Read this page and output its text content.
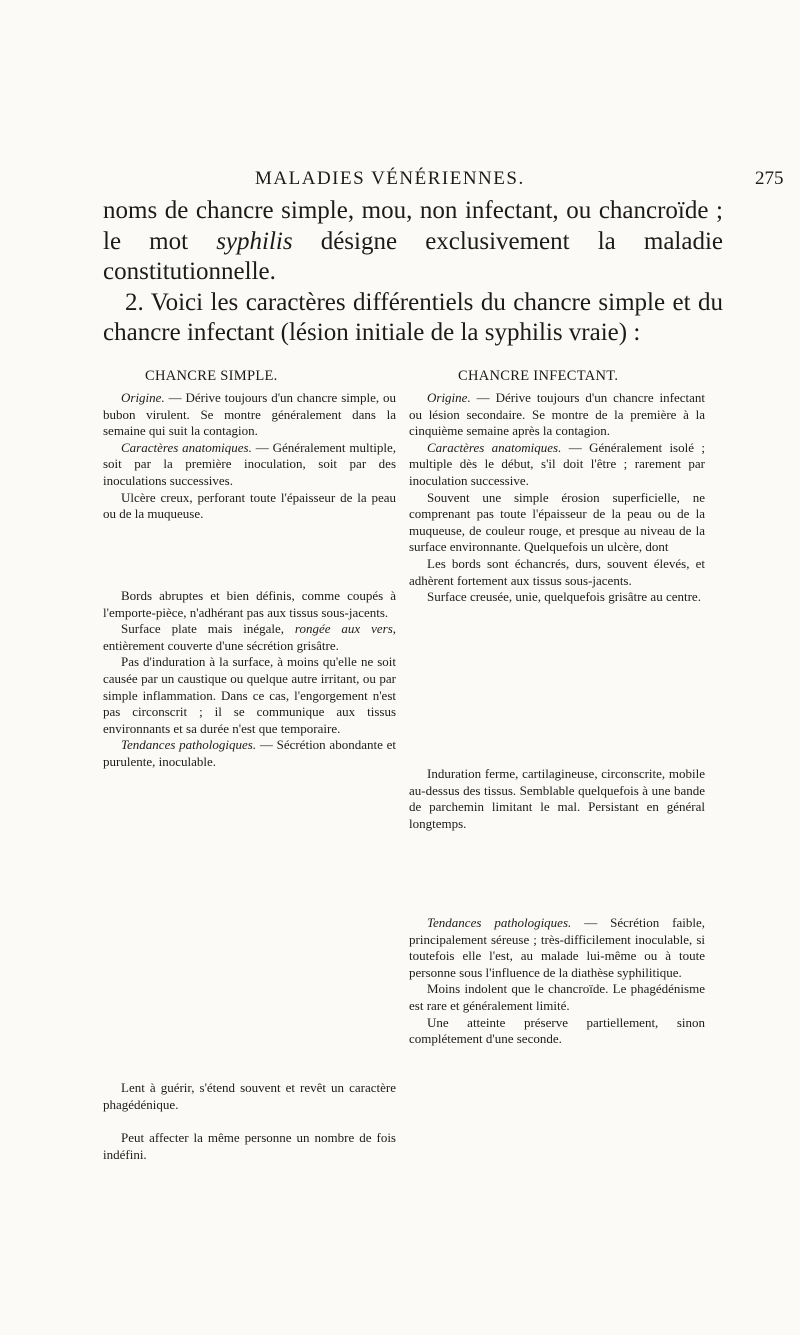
MALADIES VÉNÉRIENNES.	275

noms de chancre simple, mou, non infectant, ou chancroïde ; le mot syphilis désigne exclusivement la maladie constitutionnelle.

2. Voici les caractères différentiels du chancre simple et du chancre infectant (lésion initiale de la syphilis vraie) :

CHANCRE SIMPLE.	CHANCRE INFECTANT.

Origine. — Dérive toujours d'un chancre simple, ou bubon virulent. Se montre généralement dans la semaine qui suit la contagion.

Caractères anatomiques. — Généralement multiple, soit par la première inoculation, soit par des inoculations successives.

Ulcère creux, perforant toute l'épaisseur de la peau ou de la muqueuse.

Bords abruptes et bien définis, comme coupés à l'emporte-pièce, n'adhérant pas aux tissus sous-jacents.

Surface plate mais inégale, rongée aux vers, entièrement couverte d'une sécrétion grisâtre.

Pas d'induration à la surface, à moins qu'elle ne soit causée par un caustique ou quelque autre irritant, ou par simple inflammation. Dans ce cas, l'engorgement n'est pas circonscrit ; il se communique aux tissus environnants et sa durée n'est que temporaire.

Tendances pathologiques. — Sécrétion abondante et purulente, inoculable.

Lent à guérir, s'étend souvent et revêt un caractère phagédénique.

Peut affecter la même personne un nombre de fois indéfini.

Origine. — Dérive toujours d'un chancre infectant ou lésion secondaire. Se montre de la première à la cinquième semaine après la contagion.

Caractères anatomiques. — Généralement isolé ; multiple dès le début, s'il doit l'être ; rarement par inoculation successive.

Souvent une simple érosion superficielle, ne comprenant pas toute l'épaisseur de la peau ou de la muqueuse, de couleur rouge, et presque au niveau de la surface environnante. Quelquefois un ulcère, dont

Les bords sont échancrés, durs, souvent élevés, et adhèrent fortement aux tissus sous-jacents.

Surface creusée, unie, quelquefois grisâtre au centre.

Induration ferme, cartilagineuse, circonscrite, mobile au-dessus des tissus. Semblable quelquefois à une bande de parchemin limitant le mal. Persistant en général longtemps.

Tendances pathologiques. — Sécrétion faible, principalement séreuse ; très-difficilement inoculable, si toutefois elle l'est, au malade lui-même ou à toute personne sous l'influence de la diathèse syphilitique.

Moins indolent que le chancroïde. Le phagédénisme est rare et généralement limité.

Une atteinte préserve partiellement, sinon complétement d'une seconde.
